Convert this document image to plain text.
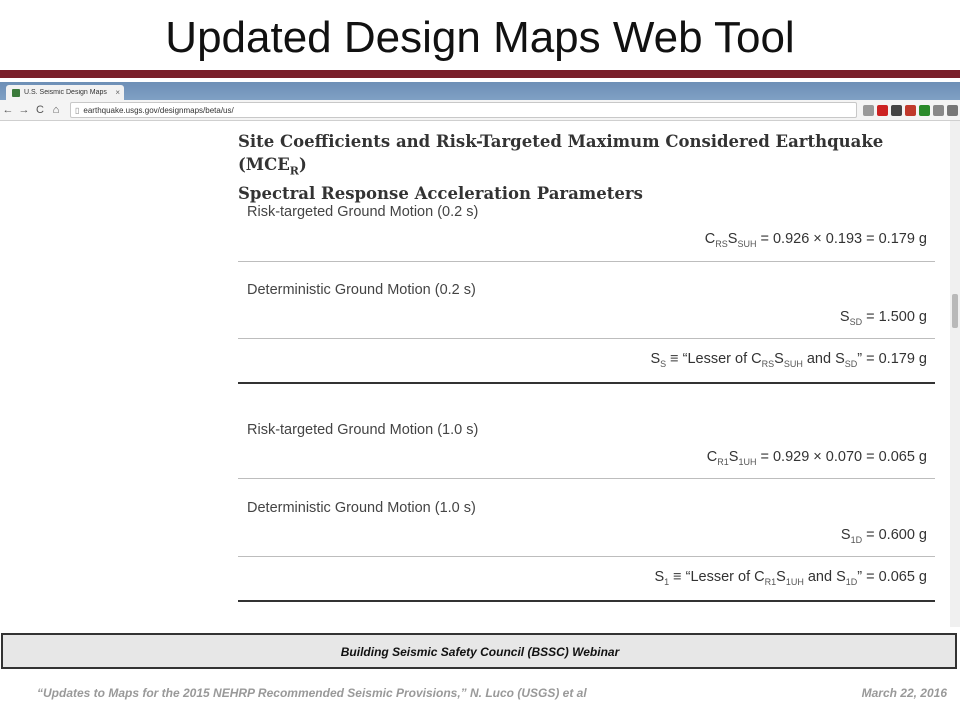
Updated Design Maps Web Tool
U.S. Seismic Design Maps	×
← → C ⌂	▯ earthquake.usgs.gov/designmaps/beta/us/
Site Coefficients and Risk-Targeted Maximum Considered Earthquake $(MCE_R)$
Spectral Response Acceleration Parameters
Risk-targeted Ground Motion (0.2 s)
$C_{RS}S_{SUH} = 0.926 \times 0.193 = 0.179$ g
Deterministic Ground Motion (0.2 s)
$S_{SD} = 1.500$ g
$S_S$ ≡ “Lesser of $C_{RS}S_{SUH}$ and $S_{SD}$” = 0.179 g
Risk-targeted Ground Motion (1.0 s)
$C_{R1}S_{1UH} = 0.929 \times 0.070 = 0.065$ g
Deterministic Ground Motion (1.0 s)
$S_{1D} = 0.600$ g
$S_1$ ≡ “Lesser of $C_{R1}S_{1UH}$ and $S_{1D}$” = 0.065 g
Building Seismic Safety Council (BSSC) Webinar
“Updates to Maps for the 2015 NEHRP Recommended Seismic Provisions,” N. Luco (USGS) et al	March 22, 2016
